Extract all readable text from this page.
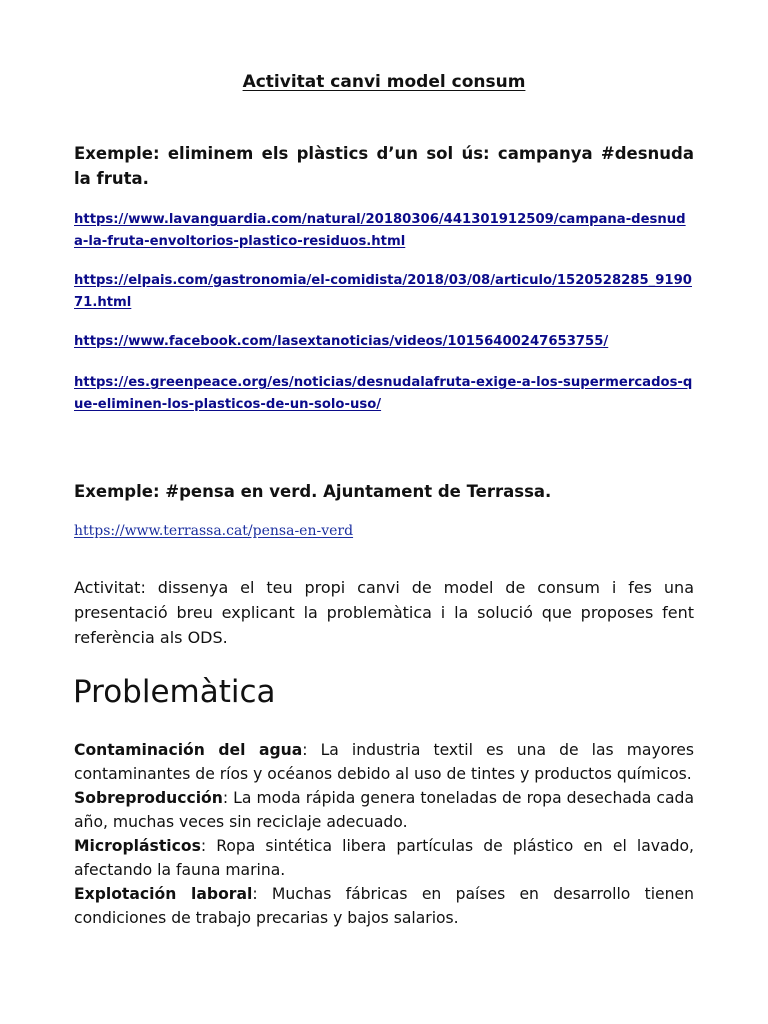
Activitat canvi model consum
Exemple: eliminem els plàstics d’un sol ús: campanya #desnuda la fruta.
https://www.lavanguardia.com/natural/20180306/441301912509/campana-desnuda-la-fruta-envoltorios-plastico-residuos.html
https://elpais.com/gastronomia/el-comidista/2018/03/08/articulo/1520528285_919071.html
https://www.facebook.com/lasextanoticias/videos/10156400247653755/
https://es.greenpeace.org/es/noticias/desnudalafruta-exige-a-los-supermercados-que-eliminen-los-plasticos-de-un-solo-uso/
Exemple: #pensa en verd. Ajuntament de Terrassa.
https://www.terrassa.cat/pensa-en-verd
Activitat: dissenya el teu propi canvi de model de consum i fes una presentació breu explicant la problemàtica i la solució que proposes fent referència als ODS.
Problemàtica

Contaminación del agua: La industria textil es una de las mayores contaminantes de ríos y océanos debido al uso de tintes y productos químicos.

Sobreproducción: La moda rápida genera toneladas de ropa desechada cada año, muchas veces sin reciclaje adecuado.

Microplásticos: Ropa sintética libera partículas de plástico en el lavado, afectando la fauna marina.

Explotación laboral: Muchas fábricas en países en desarrollo tienen condiciones de trabajo precarias y bajos salarios.
